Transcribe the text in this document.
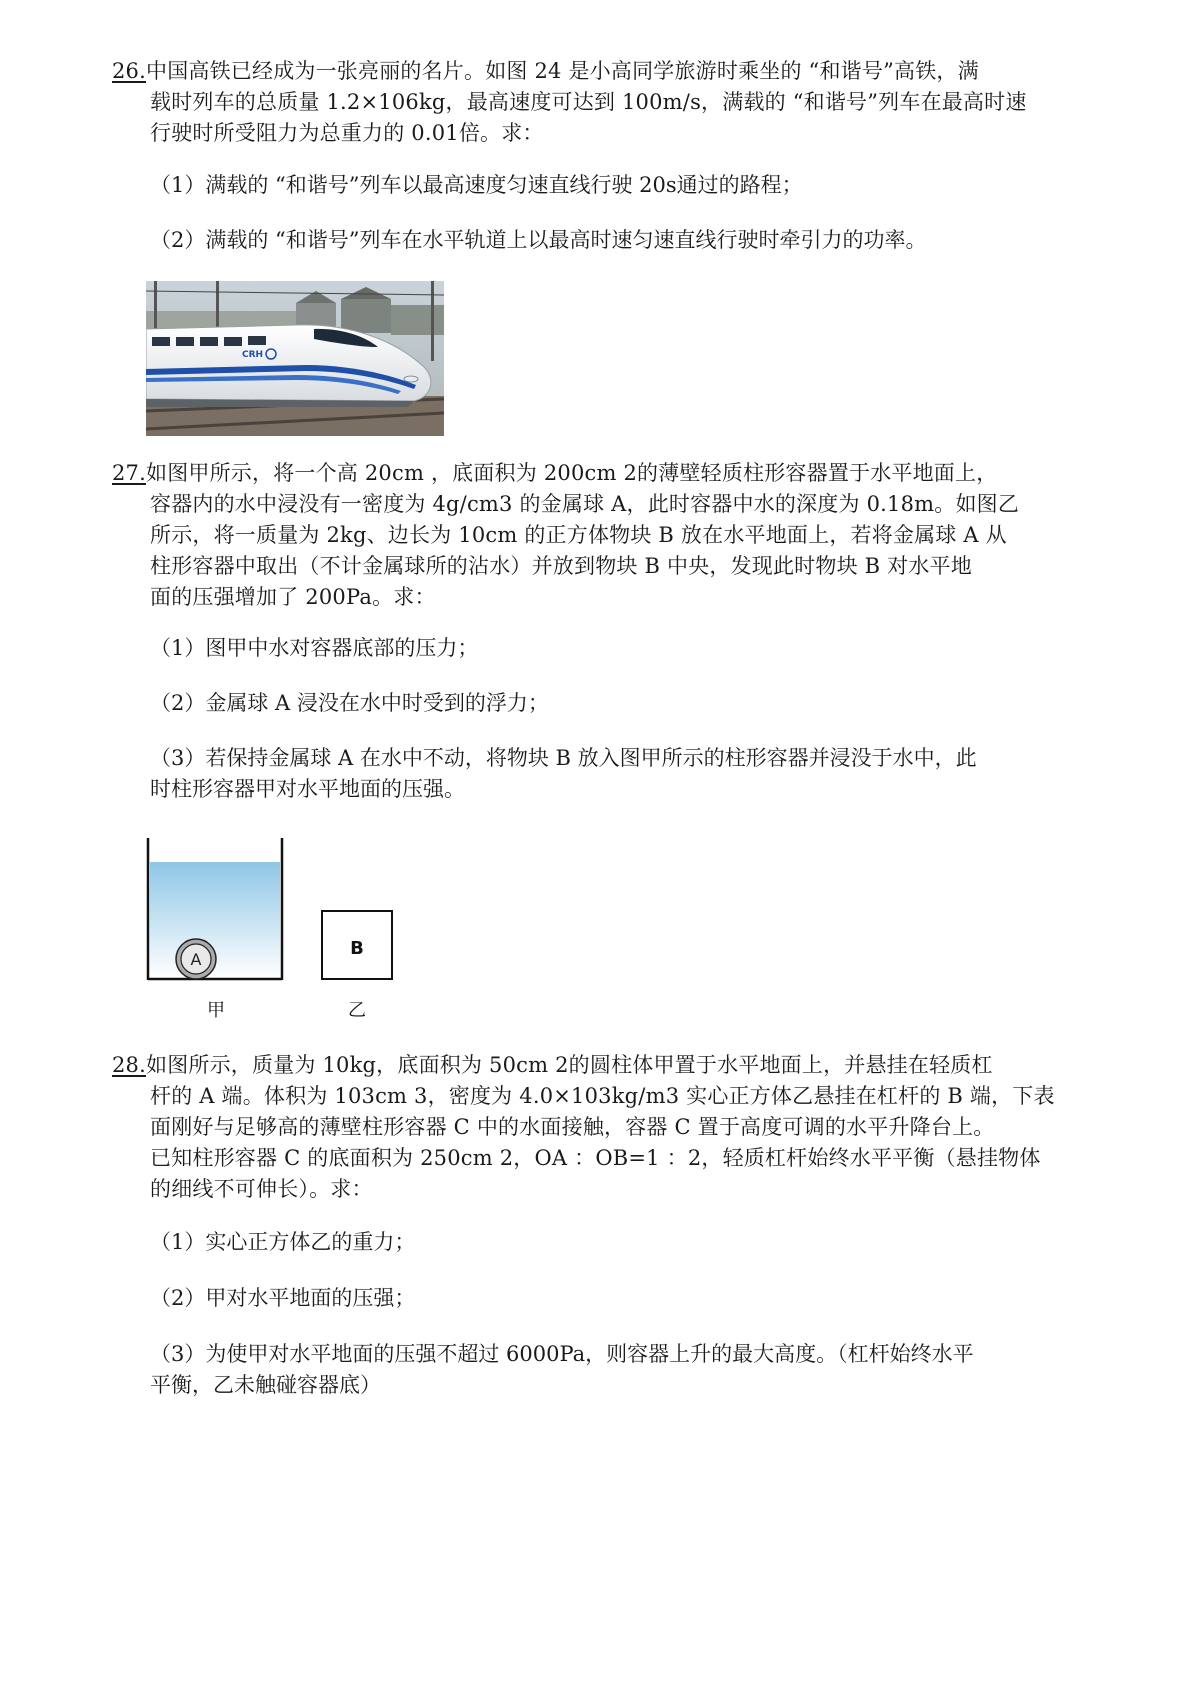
26.中国高铁已经成为一张亮丽的名片。如图 24 是小高同学旅游时乘坐的 “和谐号”高铁，满
载时列车的总质量 1.2×106kg，最高速度可达到 100m/s，满载的 “和谐号”列车在最高时速
行驶时所受阻力为总重力的 0.01倍。求：
（1）满载的 “和谐号”列车以最高速度匀速直线行驶 20s通过的路程；
（2）满载的 “和谐号”列车在水平轨道上以最高时速匀速直线行驶时牵引力的功率。
CRH
27.如图甲所示，将一个高 20cm ，底面积为 200cm 2的薄壁轻质柱形容器置于水平地面上，
容器内的水中浸没有一密度为 4g/cm3 的金属球 A，此时容器中水的深度为 0.18m。如图乙
所示，将一质量为 2kg、边长为 10cm 的正方体物块 B 放在水平地面上，若将金属球 A 从
柱形容器中取出（不计金属球所的沾水）并放到物块 B 中央，发现此时物块 B 对水平地
面的压强增加了 200Pa。求：
（1）图甲中水对容器底部的压力；
（2）金属球 A 浸没在水中时受到的浮力；
（3）若保持金属球 A 在水中不动，将物块 B 放入图甲所示的柱形容器并浸没于水中，此
时柱形容器甲对水平地面的压强。
A
B
甲	乙
28.如图所示，质量为 10kg，底面积为 50cm 2的圆柱体甲置于水平地面上，并悬挂在轻质杠
杆的 A 端。体积为 103cm 3，密度为 4.0×103kg/m3 实心正方体乙悬挂在杠杆的 B 端，下表
面刚好与足够高的薄壁柱形容器 C 中的水面接触，容器 C 置于高度可调的水平升降台上。
已知柱形容器 C 的底面积为 250cm 2，OA ：OB=1 ：2，轻质杠杆始终水平平衡（悬挂物体
的细线不可伸长）。求：
（1）实心正方体乙的重力；
（2）甲对水平地面的压强；
（3）为使甲对水平地面的压强不超过 6000Pa，则容器上升的最大高度。（杠杆始终水平
平衡，乙未触碰容器底）
